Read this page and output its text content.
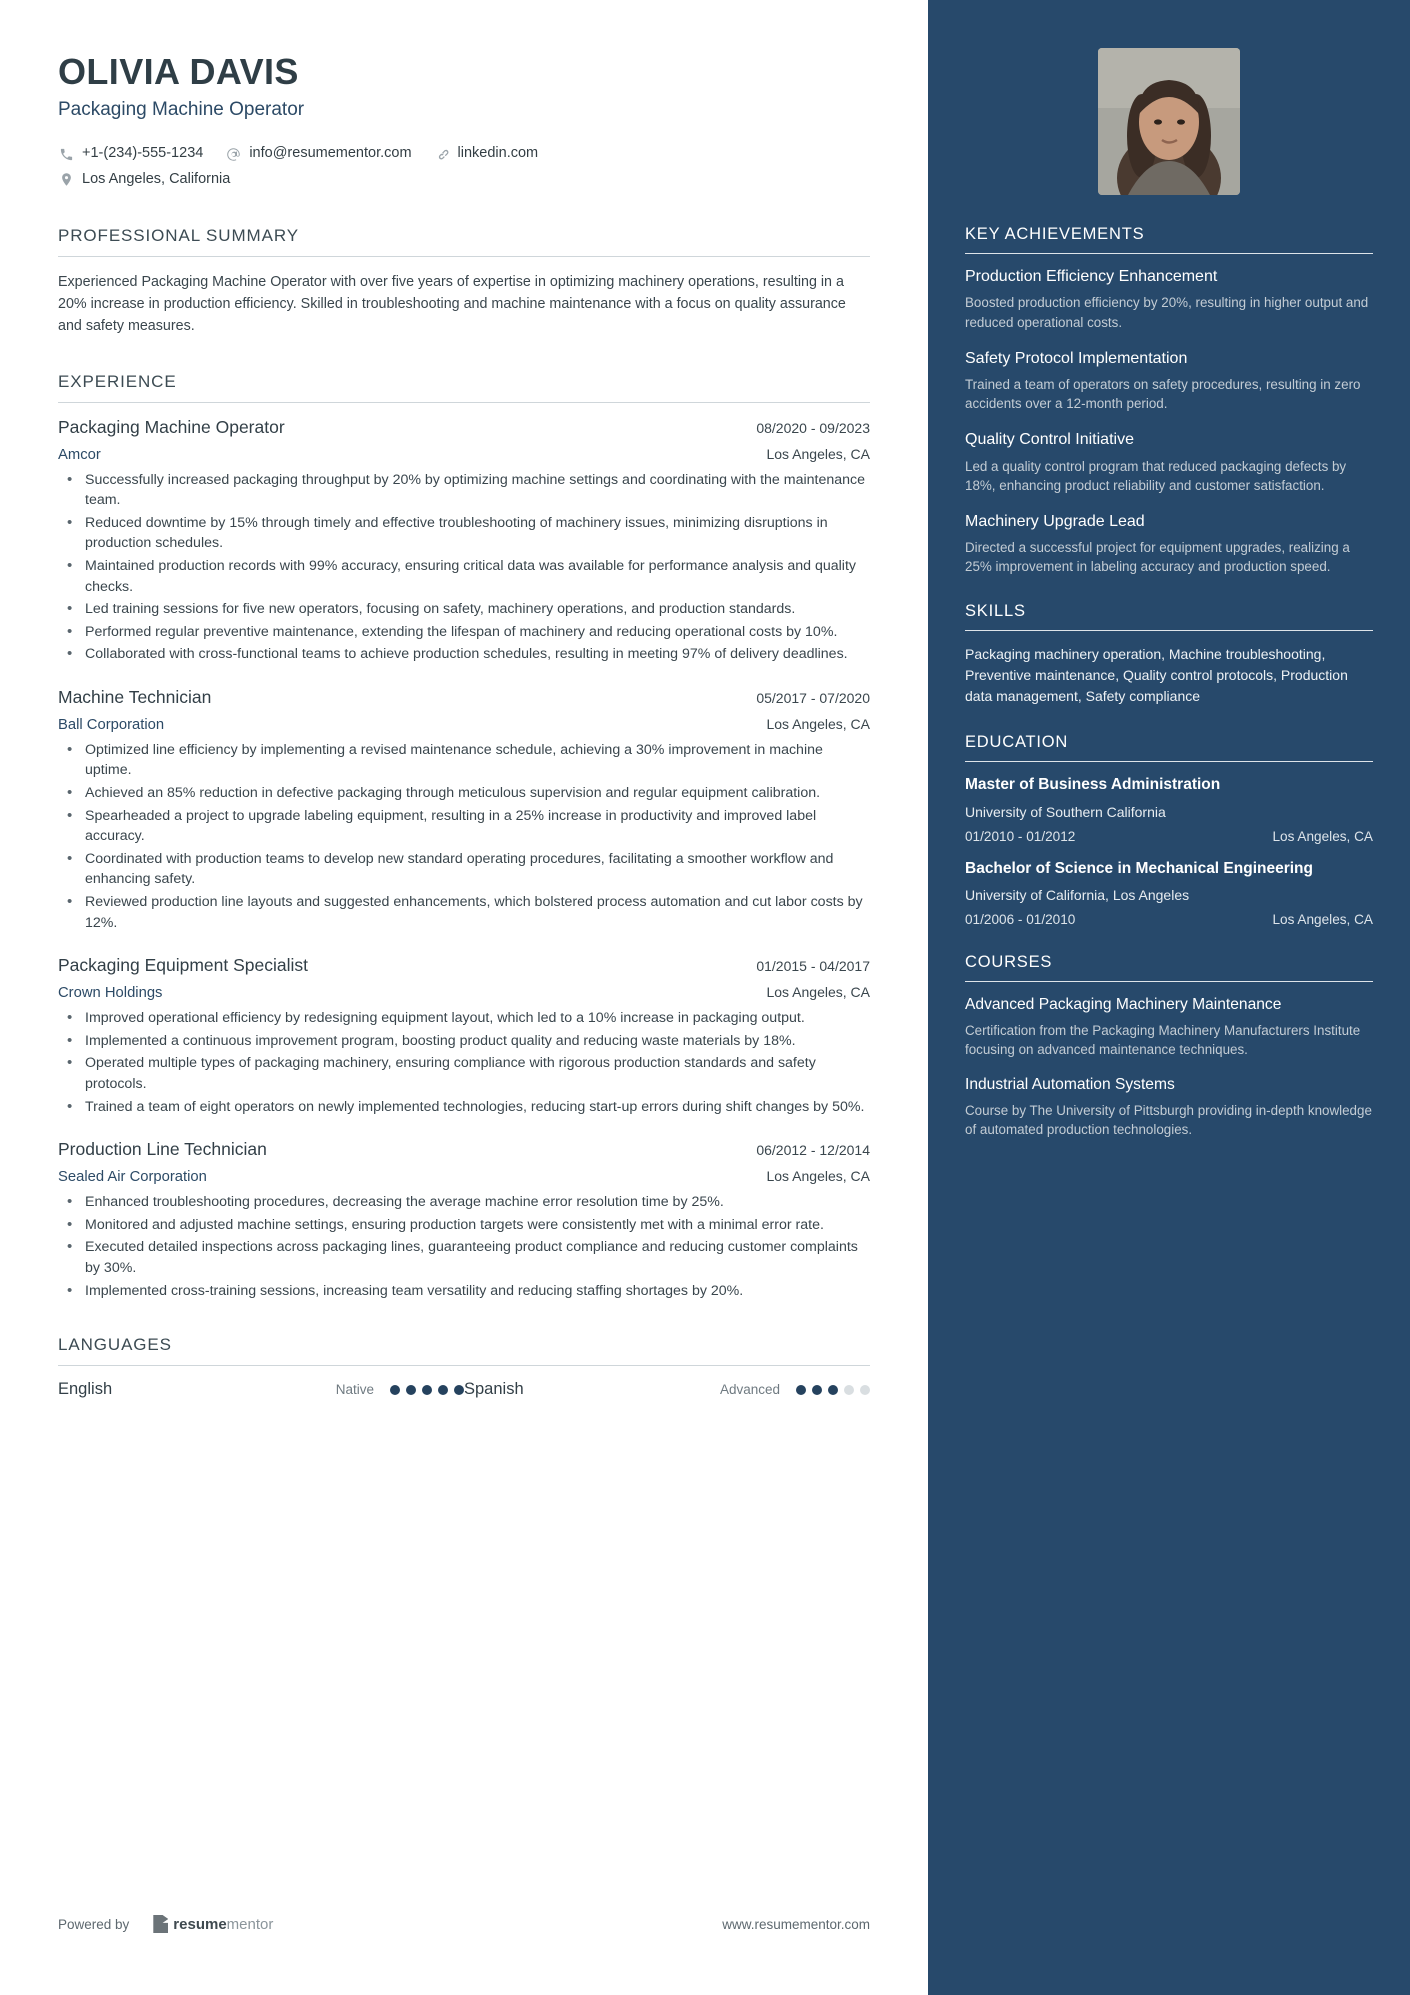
OLIVIA DAVIS
Packaging Machine Operator
+1-(234)-555-1234	info@resumementor.com	linkedin.com
Los Angeles, California
PROFESSIONAL SUMMARY
Experienced Packaging Machine Operator with over five years of expertise in optimizing machinery operations, resulting in a 20% increase in production efficiency. Skilled in troubleshooting and machine maintenance with a focus on quality assurance and safety measures.
EXPERIENCE
Packaging Machine Operator	08/2020 - 09/2023
Amcor	Los Angeles, CA
• Successfully increased packaging throughput by 20% by optimizing machine settings and coordinating with the maintenance team.
• Reduced downtime by 15% through timely and effective troubleshooting of machinery issues, minimizing disruptions in production schedules.
• Maintained production records with 99% accuracy, ensuring critical data was available for performance analysis and quality checks.
• Led training sessions for five new operators, focusing on safety, machinery operations, and production standards.
• Performed regular preventive maintenance, extending the lifespan of machinery and reducing operational costs by 10%.
• Collaborated with cross-functional teams to achieve production schedules, resulting in meeting 97% of delivery deadlines.
Machine Technician	05/2017 - 07/2020
Ball Corporation	Los Angeles, CA
• Optimized line efficiency by implementing a revised maintenance schedule, achieving a 30% improvement in machine uptime.
• Achieved an 85% reduction in defective packaging through meticulous supervision and regular equipment calibration.
• Spearheaded a project to upgrade labeling equipment, resulting in a 25% increase in productivity and improved label accuracy.
• Coordinated with production teams to develop new standard operating procedures, facilitating a smoother workflow and enhancing safety.
• Reviewed production line layouts and suggested enhancements, which bolstered process automation and cut labor costs by 12%.
Packaging Equipment Specialist	01/2015 - 04/2017
Crown Holdings	Los Angeles, CA
• Improved operational efficiency by redesigning equipment layout, which led to a 10% increase in packaging output.
• Implemented a continuous improvement program, boosting product quality and reducing waste materials by 18%.
• Operated multiple types of packaging machinery, ensuring compliance with rigorous production standards and safety protocols.
• Trained a team of eight operators on newly implemented technologies, reducing start-up errors during shift changes by 50%.
Production Line Technician	06/2012 - 12/2014
Sealed Air Corporation	Los Angeles, CA
• Enhanced troubleshooting procedures, decreasing the average machine error resolution time by 25%.
• Monitored and adjusted machine settings, ensuring production targets were consistently met with a minimal error rate.
• Executed detailed inspections across packaging lines, guaranteeing product compliance and reducing customer complaints by 30%.
• Implemented cross-training sessions, increasing team versatility and reducing staffing shortages by 20%.
LANGUAGES
English	Native	Spanish	Advanced
Powered by	resume mentor	www.resumementor.com
KEY ACHIEVEMENTS
Production Efficiency Enhancement
Boosted production efficiency by 20%, resulting in higher output and reduced operational costs.
Safety Protocol Implementation
Trained a team of operators on safety procedures, resulting in zero accidents over a 12-month period.
Quality Control Initiative
Led a quality control program that reduced packaging defects by 18%, enhancing product reliability and customer satisfaction.
Machinery Upgrade Lead
Directed a successful project for equipment upgrades, realizing a 25% improvement in labeling accuracy and production speed.
SKILLS
Packaging machinery operation, Machine troubleshooting, Preventive maintenance, Quality control protocols, Production data management, Safety compliance
EDUCATION
Master of Business Administration
University of Southern California
01/2010 - 01/2012	Los Angeles, CA
Bachelor of Science in Mechanical Engineering
University of California, Los Angeles
01/2006 - 01/2010	Los Angeles, CA
COURSES
Advanced Packaging Machinery Maintenance
Certification from the Packaging Machinery Manufacturers Institute focusing on advanced maintenance techniques.
Industrial Automation Systems
Course by The University of Pittsburgh providing in-depth knowledge of automated production technologies.
